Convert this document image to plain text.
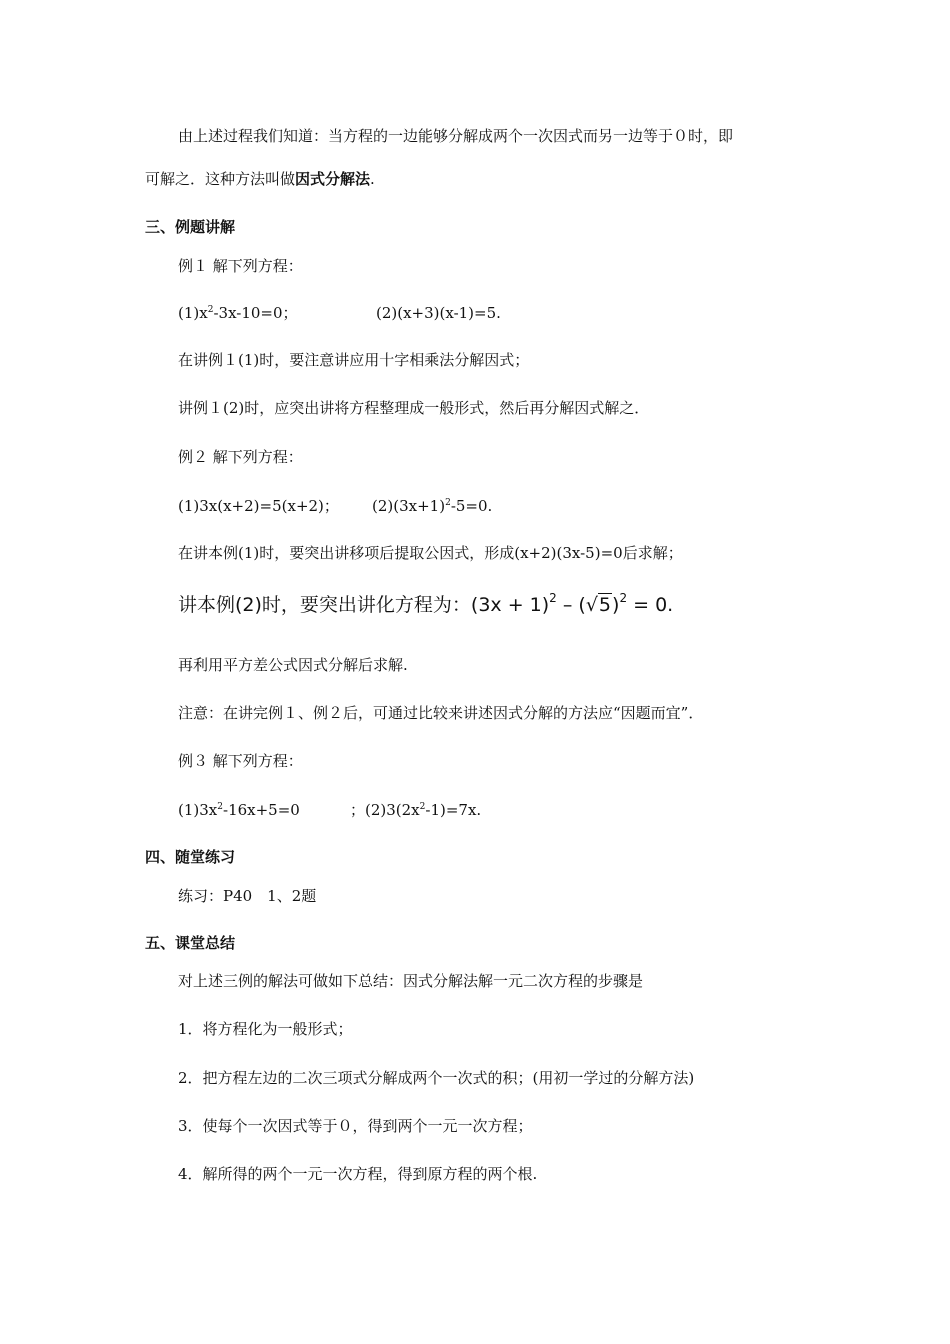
由上述过程我们知道：当方程的一边能够分解成两个一次因式而另一边等于０时，即

可解之．这种方法叫做因式分解法.

三、例题讲解

例１ 解下列方程：

$(1)x^2-3x-10=0$；	(2)(x+3)(x-1)=5.

在讲例１(1)时，要注意讲应用十字相乘法分解因式；

讲例１(2)时，应突出讲将方程整理成一般形式，然后再分解因式解之．

例２ 解下列方程：

(1)3x(x+2)=5(x+2)； $(2)(3x+1)^2-5=0$.

在讲本例(1)时，要突出讲移项后提取公因式，形成(x+2)(3x-5)=0后求解；

讲本例(2)时，要突出讲化方程为：$(3x + 1)^2 - (√5)^2 = 0$.

再利用平方差公式因式分解后求解.

注意：在讲完例１、例２后，可通过比较来讲述因式分解的方法应“因题而宜”．

例３ 解下列方程：

$(1)3x^2-16x+5=0$	；$(2)3(2x^2-1)=7x$.

四、随堂练习

练习：P40　1、2题

五、课堂总结

对上述三例的解法可做如下总结：因式分解法解一元二次方程的步骤是

1．将方程化为一般形式；

2．把方程左边的二次三项式分解成两个一次式的积；(用初一学过的分解方法)

3．使每个一次因式等于０，得到两个一元一次方程；

4．解所得的两个一元一次方程，得到原方程的两个根.
